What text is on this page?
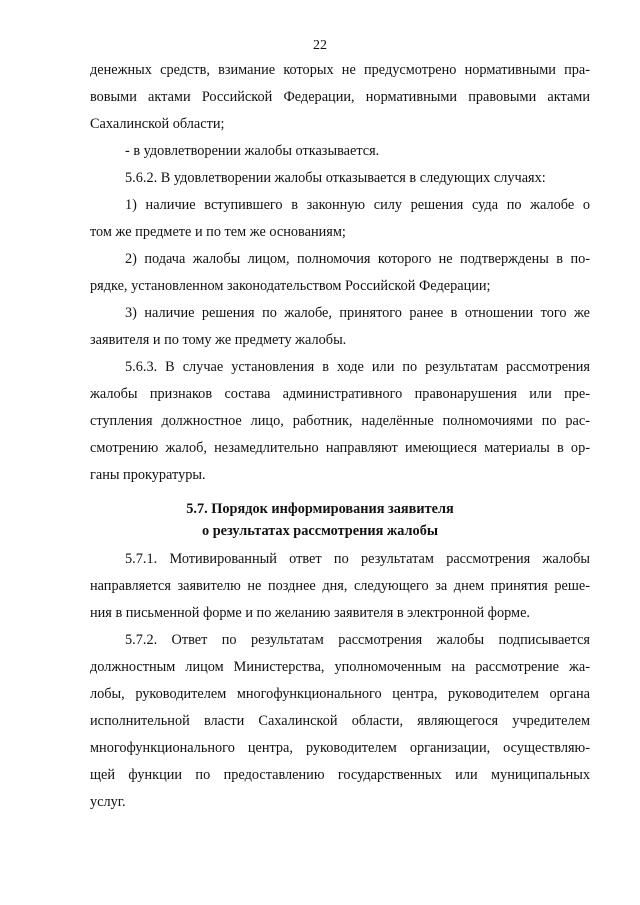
22
денежных средств, взимание которых не предусмотрено нормативными пра-
вовыми актами Российской Федерации, нормативными правовыми актами
Сахалинской области;
- в удовлетворении жалобы отказывается.
5.6.2. В удовлетворении жалобы отказывается в следующих случаях:
1) наличие вступившего в законную силу решения суда по жалобе о
том же предмете и по тем же основаниям;
2) подача жалобы лицом, полномочия которого не подтверждены в по-
рядке, установленном законодательством Российской Федерации;
3) наличие решения по жалобе, принятого ранее в отношении того же
заявителя и по тому же предмету жалобы.
5.6.3. В случае установления в ходе или по результатам рассмотрения
жалобы признаков состава административного правонарушения или пре-
ступления должностное лицо, работник, наделённые полномочиями по рас-
смотрению жалоб, незамедлительно направляют имеющиеся материалы в ор-
ганы прокуратуры.
5.7. Порядок информирования заявителя
о результатах рассмотрения жалобы
5.7.1. Мотивированный ответ по результатам рассмотрения жалобы
направляется заявителю не позднее дня, следующего за днем принятия реше-
ния в письменной форме и по желанию заявителя в электронной форме.
5.7.2. Ответ по результатам рассмотрения жалобы подписывается
должностным лицом Министерства, уполномоченным на рассмотрение жа-
лобы, руководителем многофункционального центра, руководителем органа
исполнительной власти Сахалинской области, являющегося учредителем
многофункционального центра, руководителем организации, осуществляю-
щей функции по предоставлению государственных или муниципальных
услуг.
